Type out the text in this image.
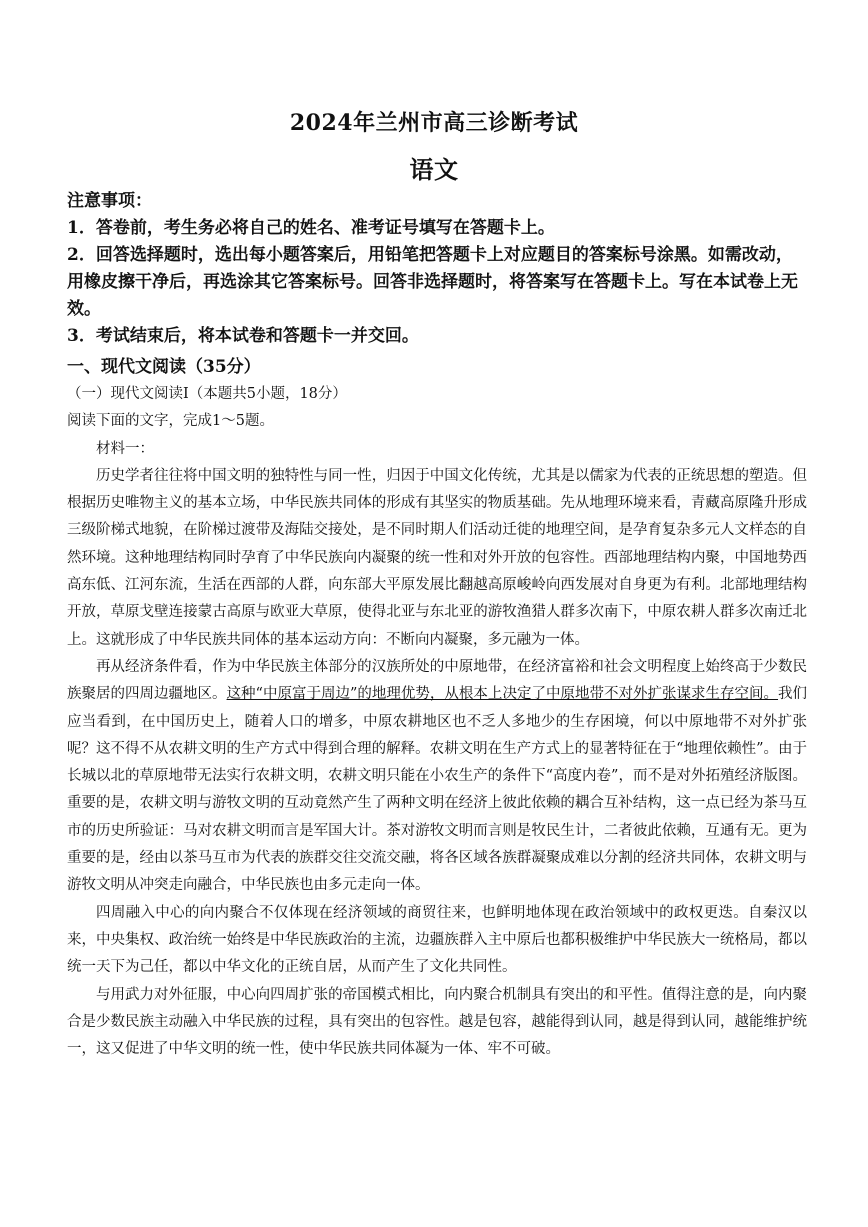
2024年兰州市高三诊断考试
语文

注意事项：

1．答卷前，考生务必将自己的姓名、准考证号填写在答题卡上。

2．回答选择题时，选出每小题答案后，用铅笔把答题卡上对应题目的答案标号涂黑。如需改动，用橡皮擦干净后，再选涂其它答案标号。回答非选择题时，将答案写在答题卡上。写在本试卷上无效。

3．考试结束后，将本试卷和答题卡一并交回。

一、现代文阅读（35分）

（一）现代文阅读Ⅰ（本题共5小题，18分）

阅读下面的文字，完成1～5题。

材料一：

历史学者往往将中国文明的独特性与同一性，归因于中国文化传统，尤其是以儒家为代表的正统思想的塑造。但根据历史唯物主义的基本立场，中华民族共同体的形成有其坚实的物质基础。先从地理环境来看，青藏高原隆升形成三级阶梯式地貌，在阶梯过渡带及海陆交接处，是不同时期人们活动迁徙的地理空间，是孕育复杂多元人文样态的自然环境。这种地理结构同时孕育了中华民族向内凝聚的统一性和对外开放的包容性。西部地理结构内聚，中国地势西高东低、江河东流，生活在西部的人群，向东部大平原发展比翻越高原峻岭向西发展对自身更为有利。北部地理结构开放，草原戈壁连接蒙古高原与欧亚大草原，使得北亚与东北亚的游牧渔猎人群多次南下，中原农耕人群多次南迁北上。这就形成了中华民族共同体的基本运动方向：不断向内凝聚，多元融为一体。

再从经济条件看，作为中华民族主体部分的汉族所处的中原地带，在经济富裕和社会文明程度上始终高于少数民族聚居的四周边疆地区。这种“中原富于周边”的地理优势，从根本上决定了中原地带不对外扩张谋求生存空间。我们应当看到，在中国历史上，随着人口的增多，中原农耕地区也不乏人多地少的生存困境，何以中原地带不对外扩张呢？这不得不从农耕文明的生产方式中得到合理的解释。农耕文明在生产方式上的显著特征在于“地理依赖性”。由于长城以北的草原地带无法实行农耕文明，农耕文明只能在小农生产的条件下“高度内卷”，而不是对外拓殖经济版图。重要的是，农耕文明与游牧文明的互动竟然产生了两种文明在经济上彼此依赖的耦合互补结构，这一点已经为茶马互市的历史所验证：马对农耕文明而言是军国大计。茶对游牧文明而言则是牧民生计，二者彼此依赖，互通有无。更为重要的是，经由以茶马互市为代表的族群交往交流交融，将各区域各族群凝聚成难以分割的经济共同体，农耕文明与游牧文明从冲突走向融合，中华民族也由多元走向一体。

四周融入中心的向内聚合不仅体现在经济领域的商贸往来，也鲜明地体现在政治领域中的政权更迭。自秦汉以来，中央集权、政治统一始终是中华民族政治的主流，边疆族群入主中原后也都积极维护中华民族大一统格局，都以统一天下为己任，都以中华文化的正统自居，从而产生了文化共同性。

与用武力对外征服，中心向四周扩张的帝国模式相比，向内聚合机制具有突出的和平性。值得注意的是，向内聚合是少数民族主动融入中华民族的过程，具有突出的包容性。越是包容，越能得到认同，越是得到认同，越能维护统一，这又促进了中华文明的统一性，使中华民族共同体凝为一体、牢不可破。
